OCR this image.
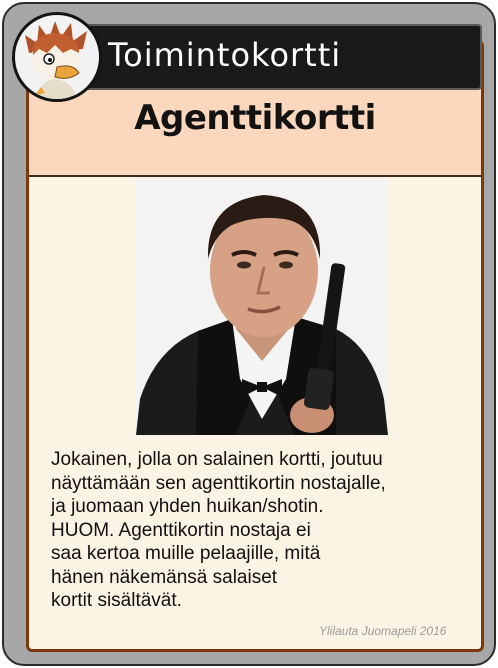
Agenttikortti
Jokainen, jolla on salainen kortti, joutuu
näyttämään sen agenttikortin nostajalle,
ja juomaan yhden huikan/shotin.
HUOM. Agenttikortin nostaja ei
saa kertoa muille pelaajille, mitä
hänen näkemänsä salaiset
kortit sisältävät.
Ylilauta Juomapeli 2016
Toimintokortti
